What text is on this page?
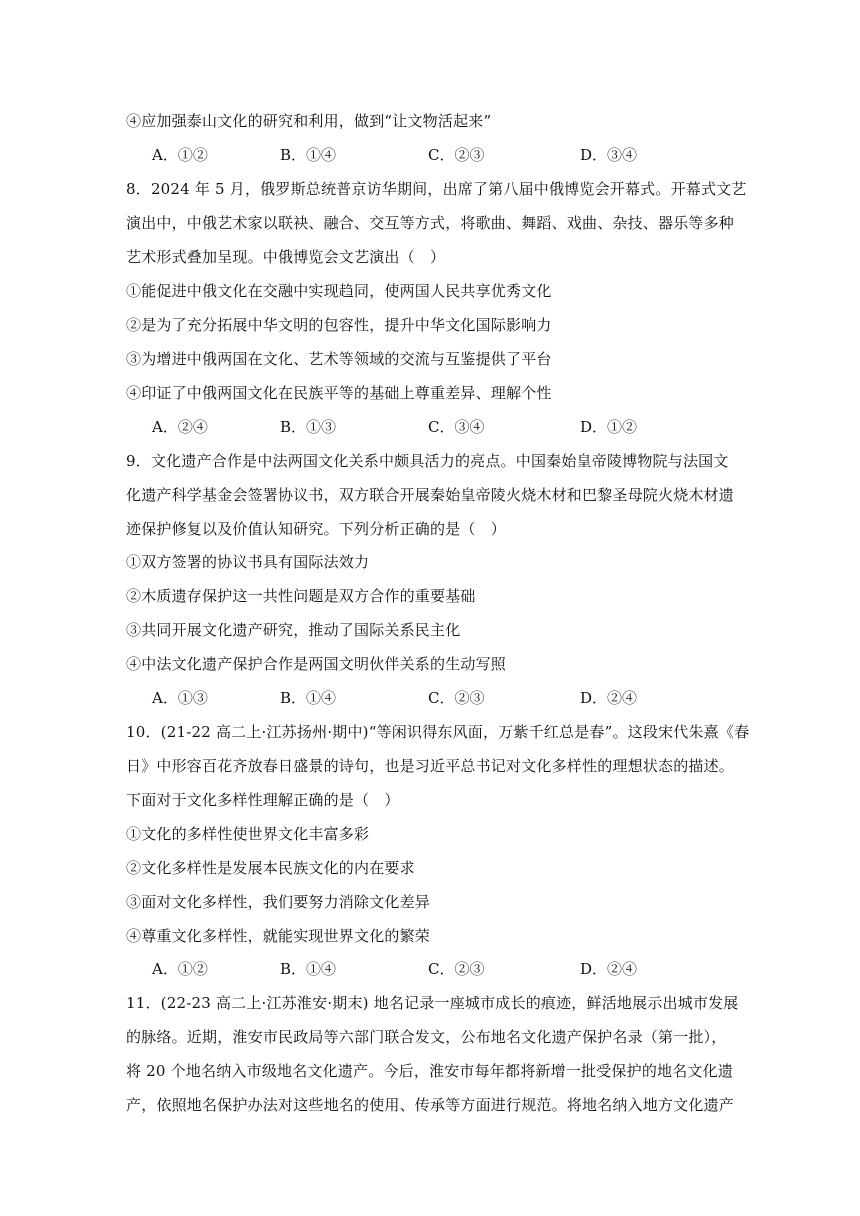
④应加强泰山文化的研究和利用，做到“让文物活起来”
A．①②	B．①④	C．②③	D．③④
8．2024 年 5 月，俄罗斯总统普京访华期间，出席了第八届中俄博览会开幕式。开幕式文艺
演出中，中俄艺术家以联袂、融合、交互等方式，将歌曲、舞蹈、戏曲、杂技、器乐等多种
艺术形式叠加呈现。中俄博览会文艺演出（　）
①能促进中俄文化在交融中实现趋同，使两国人民共享优秀文化
②是为了充分拓展中华文明的包容性，提升中华文化国际影响力
③为增进中俄两国在文化、艺术等领域的交流与互鉴提供了平台
④印证了中俄两国文化在民族平等的基础上尊重差异、理解个性
A．②④	B．①③	C．③④	D．①②
9．文化遗产合作是中法两国文化关系中颇具活力的亮点。中国秦始皇帝陵博物院与法国文
化遗产科学基金会签署协议书，双方联合开展秦始皇帝陵火烧木材和巴黎圣母院火烧木材遗
迹保护修复以及价值认知研究。下列分析正确的是（　）
①双方签署的协议书具有国际法效力
②木质遗存保护这一共性问题是双方合作的重要基础
③共同开展文化遗产研究，推动了国际关系民主化
④中法文化遗产保护合作是两国文明伙伴关系的生动写照
A．①③	B．①④	C．②③	D．②④
10．(21-22 高二上·江苏扬州·期中)“等闲识得东风面，万紫千红总是春”。这段宋代朱熹《春
日》中形容百花齐放春日盛景的诗句，也是习近平总书记对文化多样性的理想状态的描述。
下面对于文化多样性理解正确的是（　）
①文化的多样性使世界文化丰富多彩
②文化多样性是发展本民族文化的内在要求
③面对文化多样性，我们要努力消除文化差异
④尊重文化多样性，就能实现世界文化的繁荣
A．①②	B．①④	C．②③	D．②④
11．(22-23 高二上·江苏淮安·期末) 地名记录一座城市成长的痕迹，鲜活地展示出城市发展
的脉络。近期，淮安市民政局等六部门联合发文，公布地名文化遗产保护名录（第一批），
将 20 个地名纳入市级地名文化遗产。今后，淮安市每年都将新增一批受保护的地名文化遗
产，依照地名保护办法对这些地名的使用、传承等方面进行规范。将地名纳入地方文化遗产
